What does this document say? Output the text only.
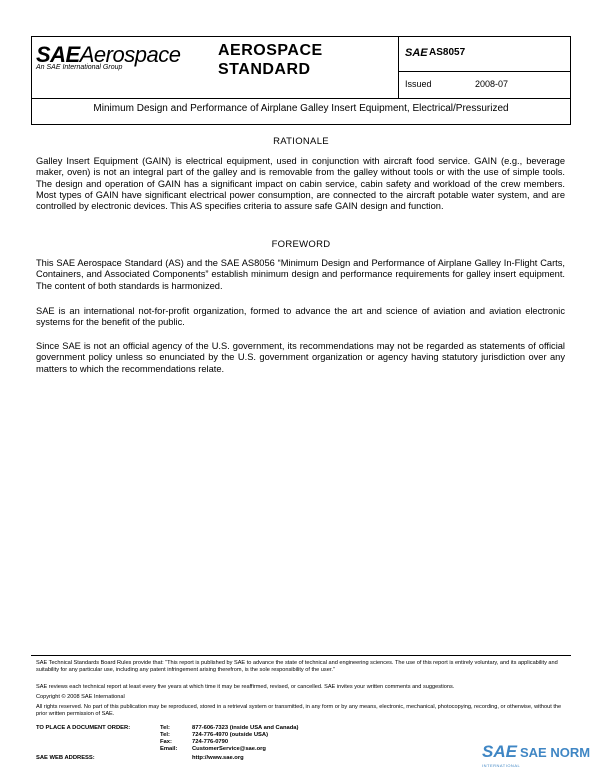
SAEAerospace
An SAE International Group
AEROSPACE
STANDARD
SAE AS8057
Issued	2008-07
Minimum Design and Performance of Airplane Galley Insert Equipment, Electrical/Pressurized
RATIONALE

Galley Insert Equipment (GAIN) is electrical equipment, used in conjunction with aircraft food service. GAIN (e.g., beverage maker, oven) is not an integral part of the galley and is removable from the galley without tools or with the use of simple tools. The design and operation of GAIN has a significant impact on cabin service, cabin safety and workload of the crew members. Most types of GAIN have significant electrical power consumption, are connected to the aircraft potable water system, and are controlled by electronic devices. This AS specifies criteria to assure safe GAIN design and function.

FOREWORD

This SAE Aerospace Standard (AS) and the SAE AS8056 “Minimum Design and Performance of Airplane Galley In-Flight Carts, Containers, and Associated Components” establish minimum design and performance requirements for galley insert equipment. The content of both standards is harmonized.

SAE is an international not-for-profit organization, formed to advance the art and science of aviation and aviation electronic systems for the benefit of the public.

Since SAE is not an official agency of the U.S. government, its recommendations may not be regarded as statements of official government policy unless so enunciated by the U.S. government organization or agency having statutory jurisdiction over any matters to which the recommendations relate.

SAE Technical Standards Board Rules provide that: “This report is published by SAE to advance the state of technical and engineering sciences. The use of this report is entirely voluntary, and its applicability and suitability for any particular use, including any patent infringement arising therefrom, is the sole responsibility of the user.”

SAE reviews each technical report at least every five years at which time it may be reaffirmed, revised, or cancelled. SAE invites your written comments and suggestions.

Copyright © 2008 SAE International

All rights reserved. No part of this publication may be reproduced, stored in a retrieval system or transmitted, in any form or by any means, electronic, mechanical, photocopying, recording, or otherwise, without the prior written permission of SAE.

TO PLACE A DOCUMENT ORDER:	Tel:	877-606-7323 (inside USA and Canada)
Tel:	724-776-4970 (outside USA)
Fax:	724-776-0790
Email:	CustomerService@sae.org
SAE WEB ADDRESS:	http://www.sae.org	SAE SAE NORM
INTERNATIONAL
